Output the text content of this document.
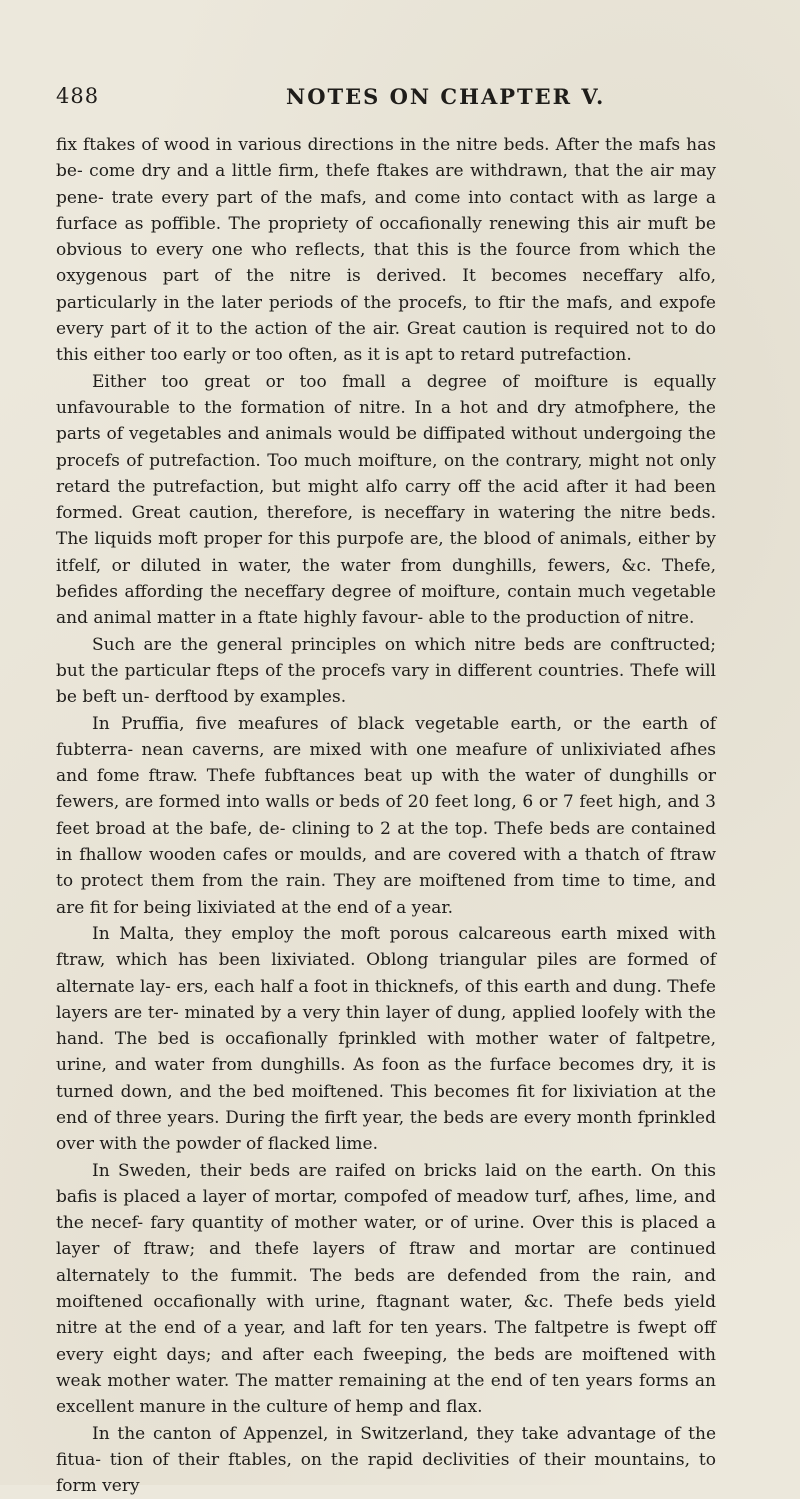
488	NOTES ON CHAPTER V.

fix ftakes of wood in various directions in the nitre beds. After the mafs has be- come dry and a little firm, thefe ftakes are withdrawn, that the air may pene- trate every part of the mafs, and come into contact with as large a furface as poffible. The propriety of occafionally renewing this air muft be obvious to every one who reflects, that this is the fource from which the oxygenous part of the nitre is derived. It becomes neceffary alfo, particularly in the later periods of the procefs, to ftir the mafs, and expofe every part of it to the action of the air. Great caution is required not to do this either too early or too often, as it is apt to retard putrefaction.

Either too great or too fmall a degree of moifture is equally unfavourable to the formation of nitre. In a hot and dry atmofphere, the parts of vegetables and animals would be diffipated without undergoing the procefs of putrefaction. Too much moifture, on the contrary, might not only retard the putrefaction, but might alfo carry off the acid after it had been formed. Great caution, therefore, is neceffary in watering the nitre beds. The liquids moft proper for this purpofe are, the blood of animals, either by itfelf, or diluted in water, the water from dunghills, fewers, &c. Thefe, befides affording the neceffary degree of moifture, contain much vegetable and animal matter in a ftate highly favour- able to the production of nitre.

Such are the general principles on which nitre beds are conftructed; but the particular fteps of the procefs vary in different countries. Thefe will be beft un- derftood by examples.

In Pruffia, five meafures of black vegetable earth, or the earth of fubterra- nean caverns, are mixed with one meafure of unlixiviated afhes and fome ftraw. Thefe fubftances beat up with the water of dunghills or fewers, are formed into walls or beds of 20 feet long, 6 or 7 feet high, and 3 feet broad at the bafe, de- clining to 2 at the top. Thefe beds are contained in fhallow wooden cafes or moulds, and are covered with a thatch of ftraw to protect them from the rain. They are moiftened from time to time, and are fit for being lixiviated at the end of a year.

In Malta, they employ the moft porous calcareous earth mixed with ftraw, which has been lixiviated. Oblong triangular piles are formed of alternate lay- ers, each half a foot in thicknefs, of this earth and dung. Thefe layers are ter- minated by a very thin layer of dung, applied loofely with the hand. The bed is occafionally fprinkled with mother water of faltpetre, urine, and water from dunghills. As foon as the furface becomes dry, it is turned down, and the bed moiftened. This becomes fit for lixiviation at the end of three years. During the firft year, the beds are every month fprinkled over with the powder of flacked lime.

In Sweden, their beds are raifed on bricks laid on the earth. On this bafis is placed a layer of mortar, compofed of meadow turf, afhes, lime, and the necef- fary quantity of mother water, or of urine. Over this is placed a layer of ftraw; and thefe layers of ftraw and mortar are continued alternately to the fummit. The beds are defended from the rain, and moiftened occafionally with urine, ftagnant water, &c. Thefe beds yield nitre at the end of a year, and laft for ten years. The faltpetre is fwept off every eight days; and after each fweeping, the beds are moiftened with weak mother water. The matter remaining at the end of ten years forms an excellent manure in the culture of hemp and flax.

In the canton of Appenzel, in Switzerland, they take advantage of the fitua- tion of their ftables, on the rapid declivities of their mountains, to form very
